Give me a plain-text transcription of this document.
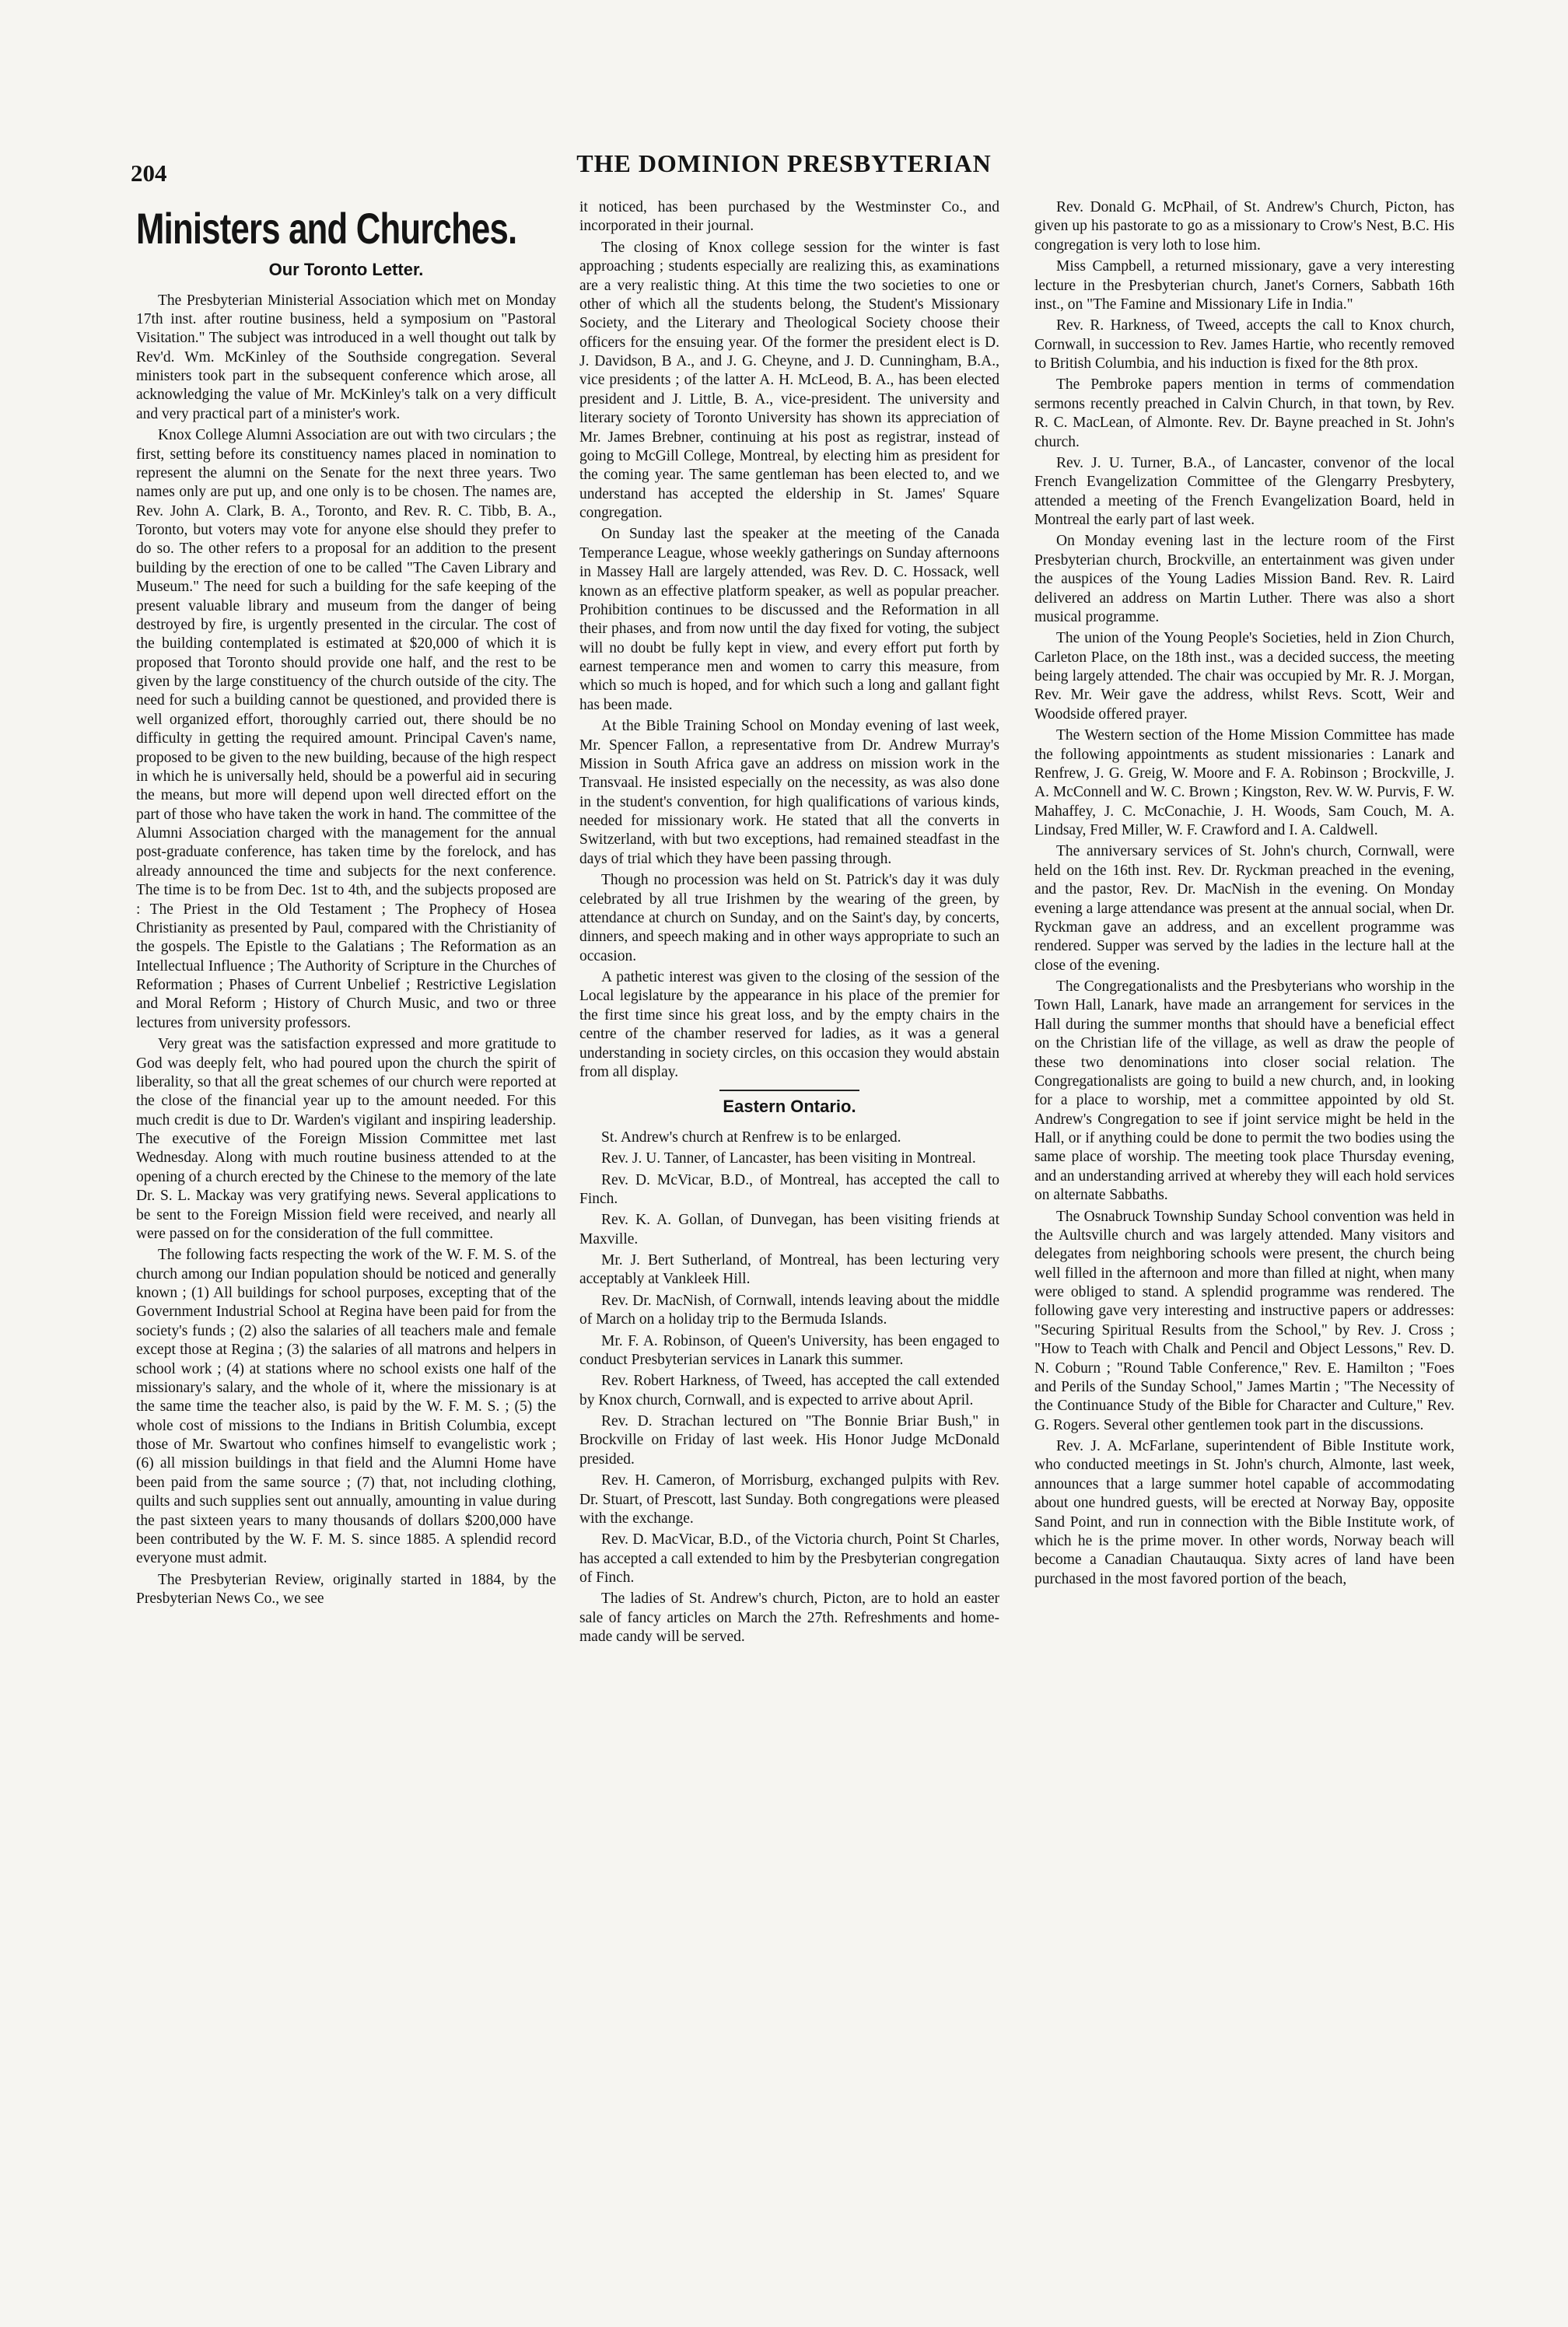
204	THE DOMINION PRESBYTERIAN
Ministers and Churches.
Our Toronto Letter.

The Presbyterian Ministerial Association which met on Monday 17th inst. after routine business, held a symposium on "Pastoral Visitation." The subject was introduced in a well thought out talk by Rev'd. Wm. McKinley of the Southside congregation. Several ministers took part in the subsequent conference which arose, all acknowledging the value of Mr. McKinley's talk on a very difficult and very practical part of a minister's work.

Knox College Alumni Association are out with two circulars ; the first, setting before its constituency names placed in nomination to represent the alumni on the Senate for the next three years. Two names only are put up, and one only is to be chosen. The names are, Rev. John A. Clark, B. A., Toronto, and Rev. R. C. Tibb, B. A., Toronto, but voters may vote for anyone else should they prefer to do so. The other refers to a proposal for an addition to the present building by the erection of one to be called "The Caven Library and Museum." The need for such a building for the safe keeping of the present valuable library and museum from the danger of being destroyed by fire, is urgently presented in the circular. The cost of the building contemplated is estimated at $20,000 of which it is proposed that Toronto should provide one half, and the rest to be given by the large constituency of the church outside of the city. The need for such a building cannot be questioned, and provided there is well organized effort, thoroughly carried out, there should be no difficulty in getting the required amount. Principal Caven's name, proposed to be given to the new building, because of the high respect in which he is universally held, should be a powerful aid in securing the means, but more will depend upon well directed effort on the part of those who have taken the work in hand. The committee of the Alumni Association charged with the management for the annual post-graduate conference, has taken time by the forelock, and has already announced the time and subjects for the next conference. The time is to be from Dec. 1st to 4th, and the subjects proposed are : The Priest in the Old Testament ; The Prophecy of Hosea Christianity as presented by Paul, compared with the Christianity of the gospels. The Epistle to the Galatians ; The Reformation as an Intellectual Influence ; The Authority of Scripture in the Churches of Reformation ; Phases of Current Unbelief ; Restrictive Legislation and Moral Reform ; History of Church Music, and two or three lectures from university professors.

Very great was the satisfaction expressed and more gratitude to God was deeply felt, who had poured upon the church the spirit of liberality, so that all the great schemes of our church were reported at the close of the financial year up to the amount needed. For this much credit is due to Dr. Warden's vigilant and inspiring leadership. The executive of the Foreign Mission Committee met last Wednesday. Along with much routine business attended to at the opening of a church erected by the Chinese to the memory of the late Dr. S. L. Mackay was very gratifying news. Several applications to be sent to the Foreign Mission field were received, and nearly all were passed on for the consideration of the full committee.

The following facts respecting the work of the W. F. M. S. of the church among our Indian population should be noticed and generally known ; (1) All buildings for school purposes, excepting that of the Government Industrial School at Regina have been paid for from the society's funds ; (2) also the salaries of all teachers male and female except those at Regina ; (3) the salaries of all matrons and helpers in school work ; (4) at stations where no school exists one half of the missionary's salary, and the whole of it, where the missionary is at the same time the teacher also, is paid by the W. F. M. S. ; (5) the whole cost of missions to the Indians in British Columbia, except those of Mr. Swartout who confines himself to evangelistic work ; (6) all mission buildings in that field and the Alumni Home have been paid from the same source ; (7) that, not including clothing, quilts and such supplies sent out annually, amounting in value during the past sixteen years to many thousands of dollars $200,000 have been contributed by the W. F. M. S. since 1885. A splendid record everyone must admit.

The Presbyterian Review, originally started in 1884, by the Presbyterian News Co., we see

it noticed, has been purchased by the Westminster Co., and incorporated in their journal.

The closing of Knox college session for the winter is fast approaching ; students especially are realizing this, as examinations are a very realistic thing. At this time the two societies to one or other of which all the students belong, the Student's Missionary Society, and the Literary and Theological Society choose their officers for the ensuing year. Of the former the president elect is D. J. Davidson, B A., and J. G. Cheyne, and J. D. Cunningham, B.A., vice presidents ; of the latter A. H. McLeod, B. A., has been elected president and J. Little, B. A., vice-president. The university and literary society of Toronto University has shown its appreciation of Mr. James Brebner, continuing at his post as registrar, instead of going to McGill College, Montreal, by electing him as president for the coming year. The same gentleman has been elected to, and we understand has accepted the eldership in St. James' Square congregation.

On Sunday last the speaker at the meeting of the Canada Temperance League, whose weekly gatherings on Sunday afternoons in Massey Hall are largely attended, was Rev. D. C. Hossack, well known as an effective platform speaker, as well as popular preacher. Prohibition continues to be discussed and the Reformation in all their phases, and from now until the day fixed for voting, the subject will no doubt be fully kept in view, and every effort put forth by earnest temperance men and women to carry this measure, from which so much is hoped, and for which such a long and gallant fight has been made.

At the Bible Training School on Monday evening of last week, Mr. Spencer Fallon, a representative from Dr. Andrew Murray's Mission in South Africa gave an address on mission work in the Transvaal. He insisted especially on the necessity, as was also done in the student's convention, for high qualifications of various kinds, needed for missionary work. He stated that all the converts in Switzerland, with but two exceptions, had remained steadfast in the days of trial which they have been passing through.

Though no procession was held on St. Patrick's day it was duly celebrated by all true Irishmen by the wearing of the green, by attendance at church on Sunday, and on the Saint's day, by concerts, dinners, and speech making and in other ways appropriate to such an occasion.

A pathetic interest was given to the closing of the session of the Local legislature by the appearance in his place of the premier for the first time since his great loss, and by the empty chairs in the centre of the chamber reserved for ladies, as it was a general understanding in society circles, on this occasion they would abstain from all display.

Eastern Ontario.

St. Andrew's church at Renfrew is to be enlarged.

Rev. J. U. Tanner, of Lancaster, has been visiting in Montreal.

Rev. D. McVicar, B.D., of Montreal, has accepted the call to Finch.

Rev. K. A. Gollan, of Dunvegan, has been visiting friends at Maxville.

Mr. J. Bert Sutherland, of Montreal, has been lecturing very acceptably at Vankleek Hill.

Rev. Dr. MacNish, of Cornwall, intends leaving about the middle of March on a holiday trip to the Bermuda Islands.

Mr. F. A. Robinson, of Queen's University, has been engaged to conduct Presbyterian services in Lanark this summer.

Rev. Robert Harkness, of Tweed, has accepted the call extended by Knox church, Cornwall, and is expected to arrive about April.

Rev. D. Strachan lectured on "The Bonnie Briar Bush," in Brockville on Friday of last week. His Honor Judge McDonald presided.

Rev. H. Cameron, of Morrisburg, exchanged pulpits with Rev. Dr. Stuart, of Prescott, last Sunday. Both congregations were pleased with the exchange.

Rev. D. MacVicar, B.D., of the Victoria church, Point St Charles, has accepted a call extended to him by the Presbyterian congregation of Finch.

The ladies of St. Andrew's church, Picton, are to hold an easter sale of fancy articles on March the 27th. Refreshments and home-made candy will be served.

Rev. Donald G. McPhail, of St. Andrew's Church, Picton, has given up his pastorate to go as a missionary to Crow's Nest, B.C. His congregation is very loth to lose him.

Miss Campbell, a returned missionary, gave a very interesting lecture in the Presbyterian church, Janet's Corners, Sabbath 16th inst., on "The Famine and Missionary Life in India."

Rev. R. Harkness, of Tweed, accepts the call to Knox church, Cornwall, in succession to Rev. James Hartie, who recently removed to British Columbia, and his induction is fixed for the 8th prox.

The Pembroke papers mention in terms of commendation sermons recently preached in Calvin Church, in that town, by Rev. R. C. MacLean, of Almonte. Rev. Dr. Bayne preached in St. John's church.

Rev. J. U. Turner, B.A., of Lancaster, convenor of the local French Evangelization Committee of the Glengarry Presbytery, attended a meeting of the French Evangelization Board, held in Montreal the early part of last week.

On Monday evening last in the lecture room of the First Presbyterian church, Brockville, an entertainment was given under the auspices of the Young Ladies Mission Band. Rev. R. Laird delivered an address on Martin Luther. There was also a short musical programme.

The union of the Young People's Societies, held in Zion Church, Carleton Place, on the 18th inst., was a decided success, the meeting being largely attended. The chair was occupied by Mr. R. J. Morgan, Rev. Mr. Weir gave the address, whilst Revs. Scott, Weir and Woodside offered prayer.

The Western section of the Home Mission Committee has made the following appointments as student missionaries : Lanark and Renfrew, J. G. Greig, W. Moore and F. A. Robinson ; Brockville, J. A. McConnell and W. C. Brown ; Kingston, Rev. W. W. Purvis, F. W. Mahaffey, J. C. McConachie, J. H. Woods, Sam Couch, M. A. Lindsay, Fred Miller, W. F. Crawford and I. A. Caldwell.

The anniversary services of St. John's church, Cornwall, were held on the 16th inst. Rev. Dr. Ryckman preached in the evening, and the pastor, Rev. Dr. MacNish in the evening. On Monday evening a large attendance was present at the annual social, when Dr. Ryckman gave an address, and an excellent programme was rendered. Supper was served by the ladies in the lecture hall at the close of the evening.

The Congregationalists and the Presbyterians who worship in the Town Hall, Lanark, have made an arrangement for services in the Hall during the summer months that should have a beneficial effect on the Christian life of the village, as well as draw the people of these two denominations into closer social relation. The Congregationalists are going to build a new church, and, in looking for a place to worship, met a committee appointed by old St. Andrew's Congregation to see if joint service might be held in the Hall, or if anything could be done to permit the two bodies using the same place of worship. The meeting took place Thursday evening, and an understanding arrived at whereby they will each hold services on alternate Sabbaths.

The Osnabruck Township Sunday School convention was held in the Aultsville church and was largely attended. Many visitors and delegates from neighboring schools were present, the church being well filled in the afternoon and more than filled at night, when many were obliged to stand. A splendid programme was rendered. The following gave very interesting and instructive papers or addresses: "Securing Spiritual Results from the School," by Rev. J. Cross ; "How to Teach with Chalk and Pencil and Object Lessons," Rev. D. N. Coburn ; "Round Table Conference," Rev. E. Hamilton ; "Foes and Perils of the Sunday School," James Martin ; "The Necessity of the Continuance Study of the Bible for Character and Culture," Rev. G. Rogers. Several other gentlemen took part in the discussions.

Rev. J. A. McFarlane, superintendent of Bible Institute work, who conducted meetings in St. John's church, Almonte, last week, announces that a large summer hotel capable of accommodating about one hundred guests, will be erected at Norway Bay, opposite Sand Point, and run in connection with the Bible Institute work, of which he is the prime mover. In other words, Norway beach will become a Canadian Chautauqua. Sixty acres of land have been purchased in the most favored portion of the beach,
